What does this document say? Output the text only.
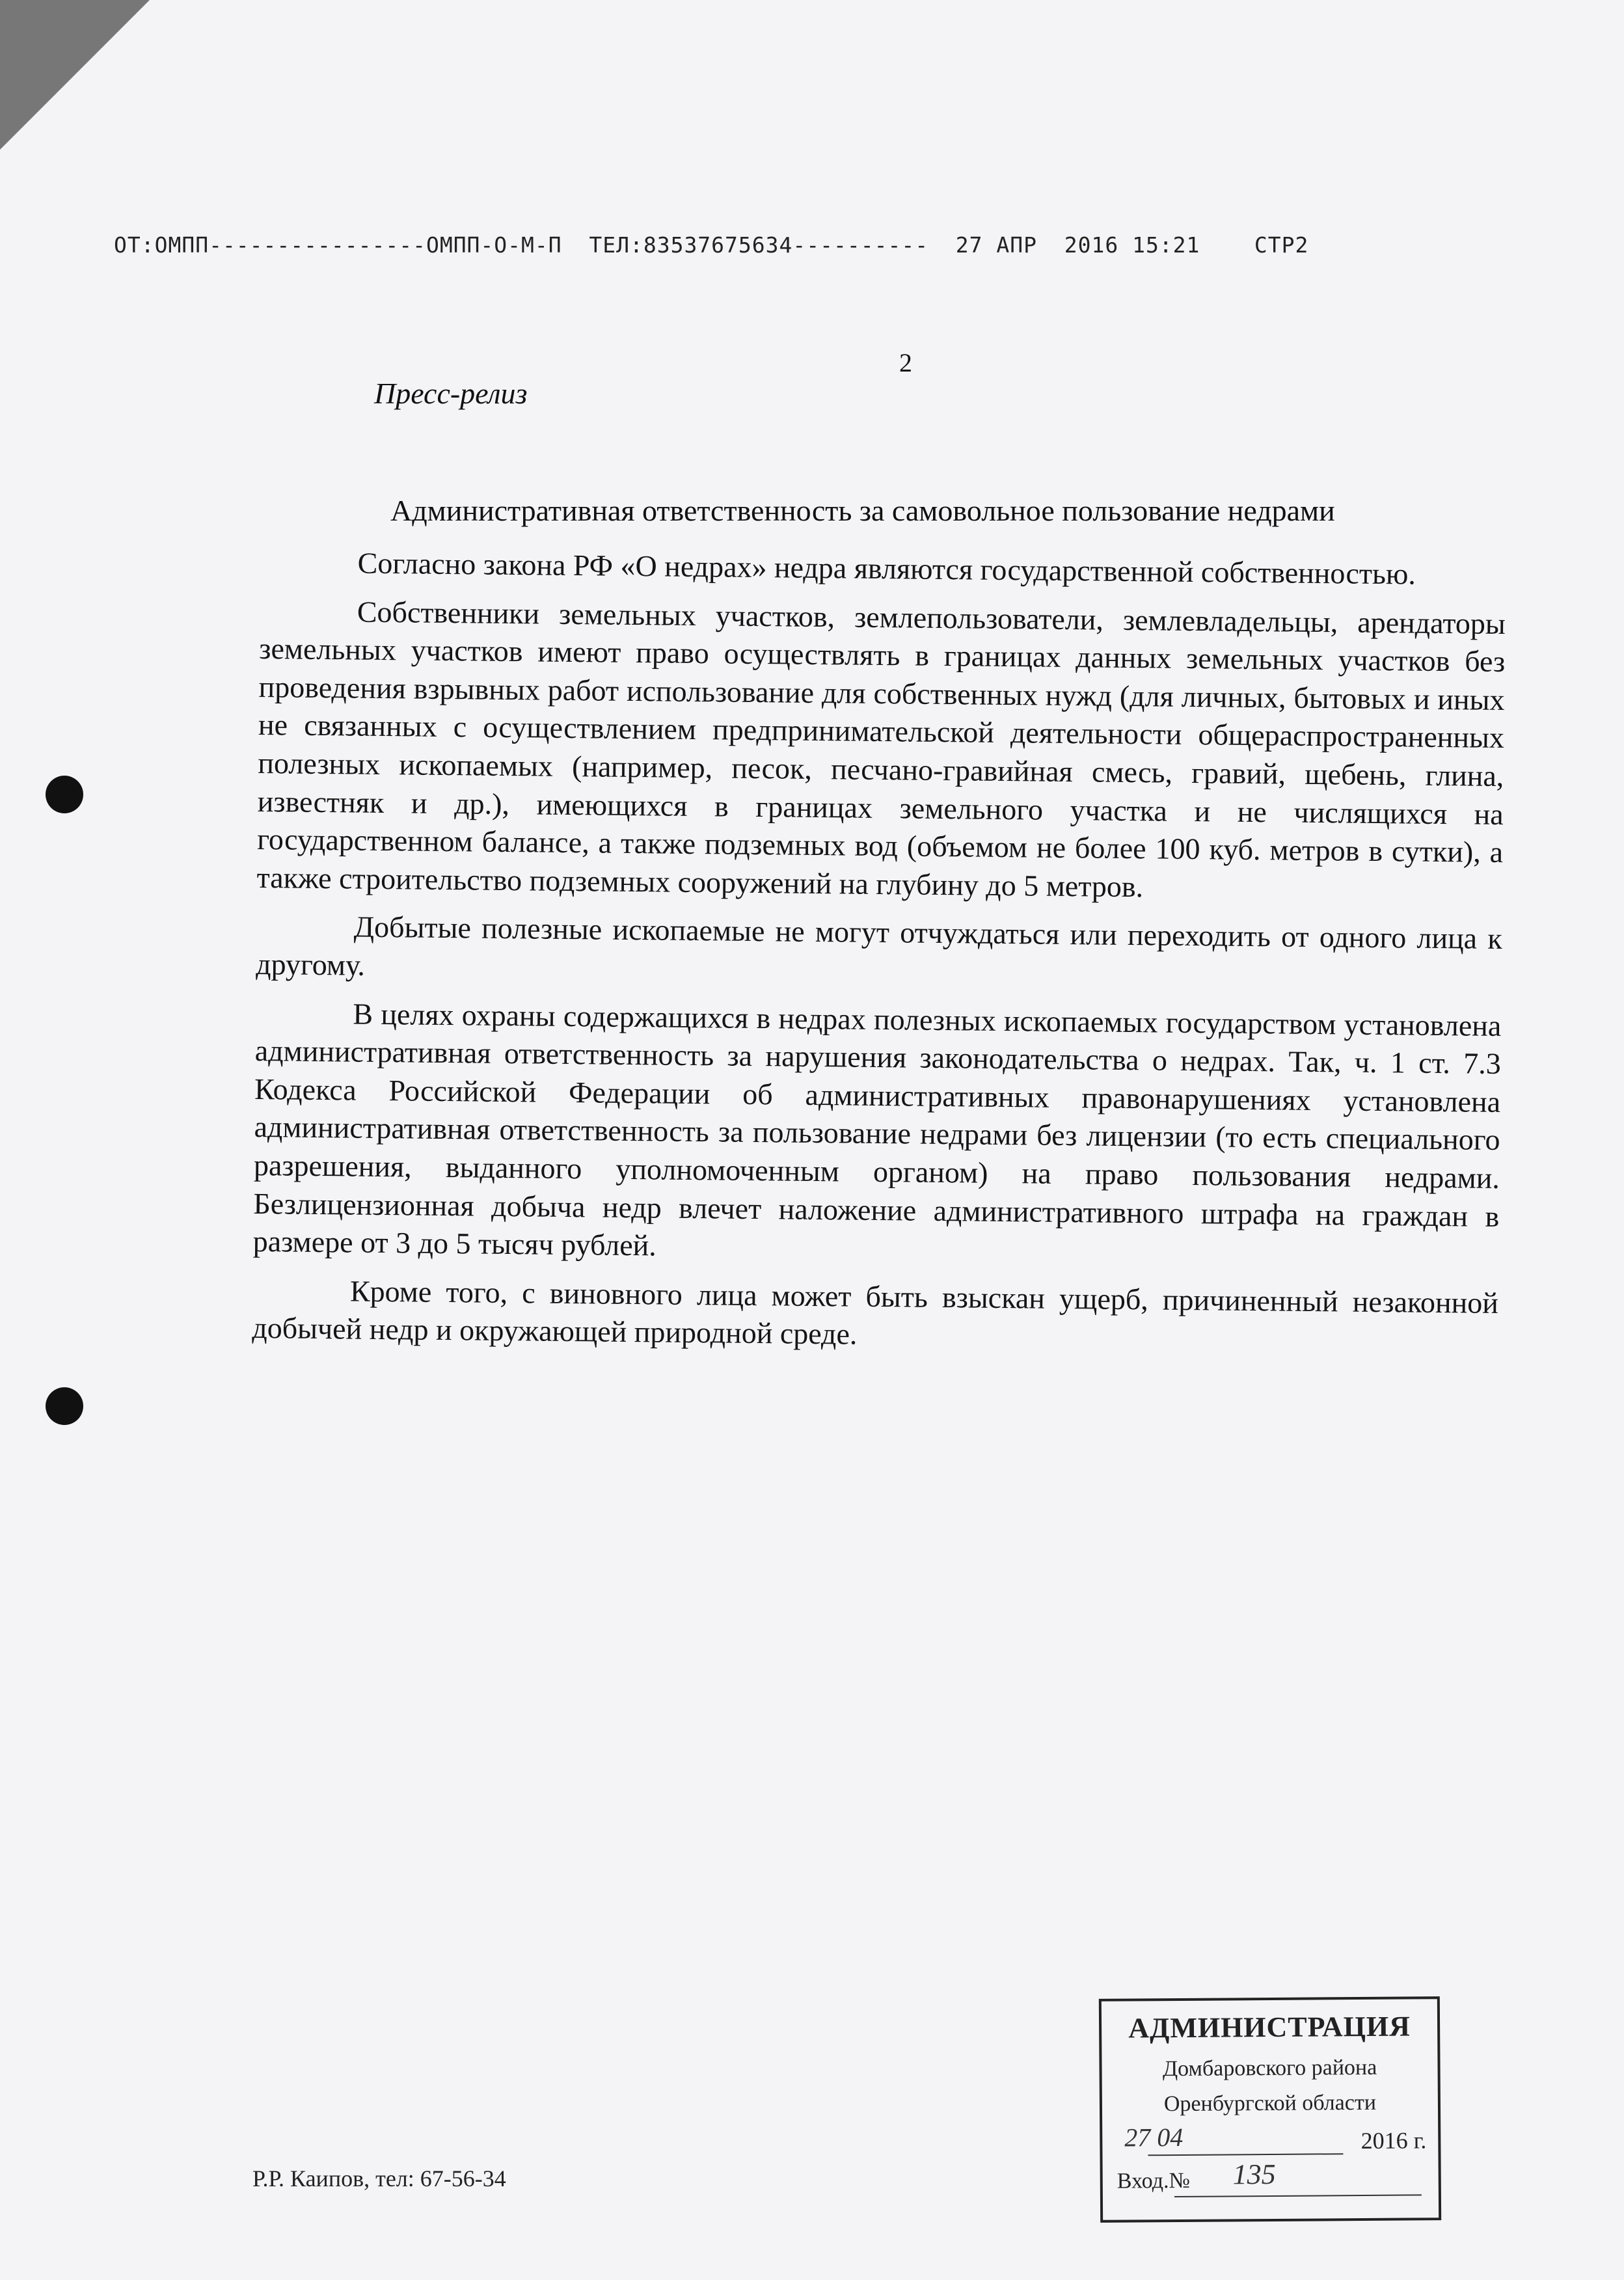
ОТ:ОМПП----------------ОМПП-О-М-П  ТЕЛ:83537675634----------  27 АПР  2016 15:21    СТР2
2
Пресс-релиз
Административная ответственность за самовольное пользование недрами

Согласно закона РФ «О недрах» недра являются государственной собственностью.

Собственники земельных участков, землепользователи, землевладельцы, арендаторы земельных участков имеют право осуществлять в границах данных земельных участков без проведения взрывных работ использование для собственных нужд (для личных, бытовых и иных не связанных с осуществлением предпринимательской деятельности общераспространенных полезных ископаемых (например, песок, песчано-гравийная смесь, гравий, щебень, глина, известняк и др.), имеющихся в границах земельного участка и не числящихся на государственном балансе, а также подземных вод (объемом не более 100 куб. метров в сутки), а также строительство подземных сооружений на глубину до 5 метров.

Добытые полезные ископаемые не могут отчуждаться или переходить от одного лица к другому.

В целях охраны содержащихся в недрах полезных ископаемых государством установлена административная ответственность за нарушения законодательства о недрах. Так, ч. 1 ст. 7.3 Кодекса Российской Федерации об административных правонарушениях установлена административная ответственность за пользование недрами без лицензии (то есть специального разрешения, выданного уполномоченным органом) на право пользования недрами. Безлицензионная добыча недр влечет наложение административного штрафа на граждан в размере от 3 до 5 тысяч рублей.

Кроме того, с виновного лица может быть взыскан ущерб, причиненный незаконной добычей недр и окружающей природной среде.

Р.Р. Каипов, тел: 67-56-34
АДМИНИСТРАЦИЯ
Домбаровского района
Оренбургской области
27 04	2016 г.
Вход.№ 135
